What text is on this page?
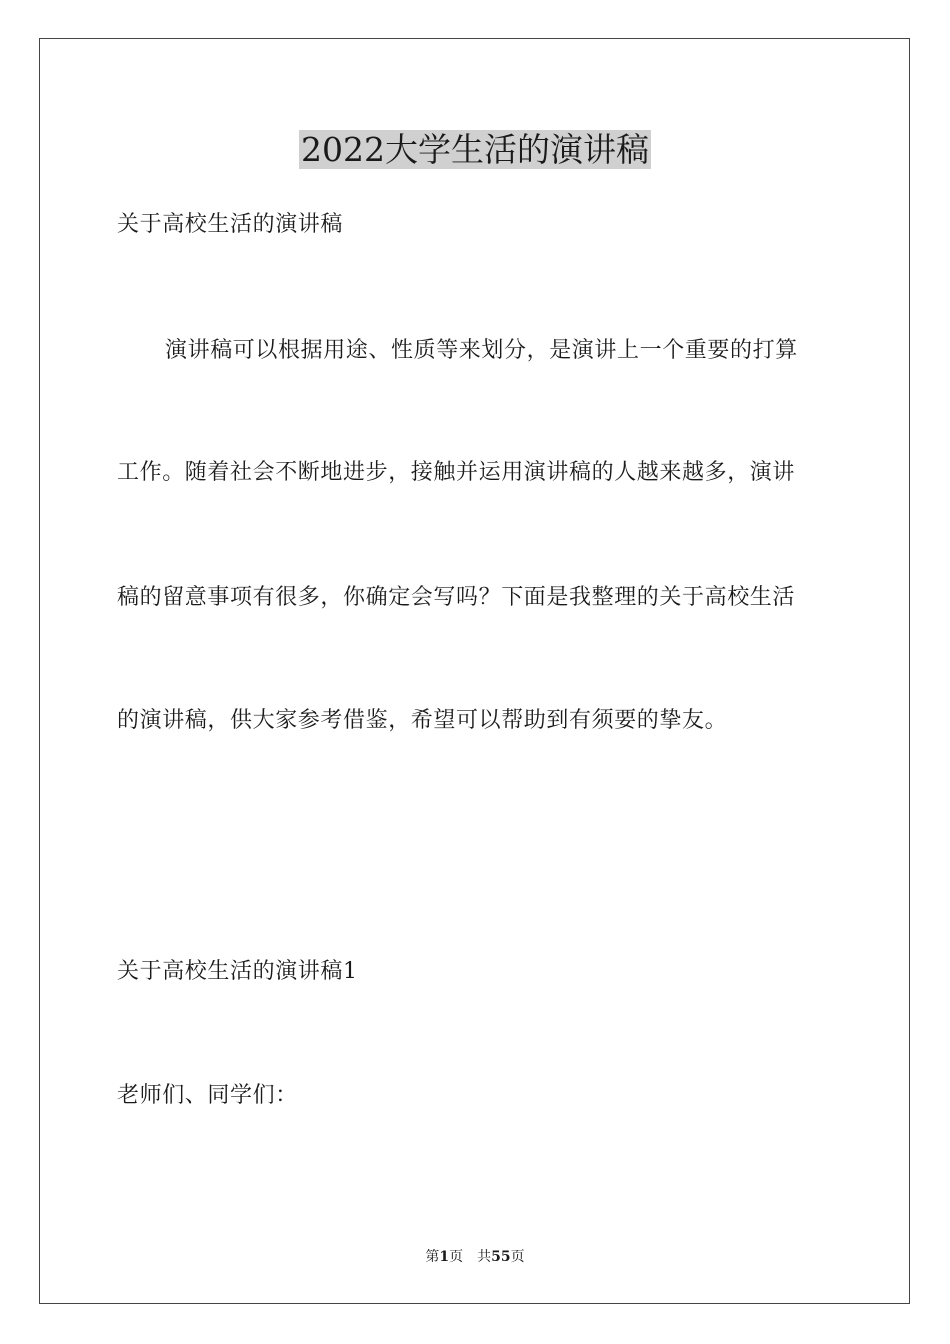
2022大学生活的演讲稿
关于高校生活的演讲稿
演讲稿可以根据用途、性质等来划分，是演讲上一个重要的打算
工作。随着社会不断地进步，接触并运用演讲稿的人越来越多，演讲
稿的留意事项有很多，你确定会写吗？下面是我整理的关于高校生活
的演讲稿，供大家参考借鉴，希望可以帮助到有须要的挚友。
关于高校生活的演讲稿1
老师们、同学们：
第1页 共55页
